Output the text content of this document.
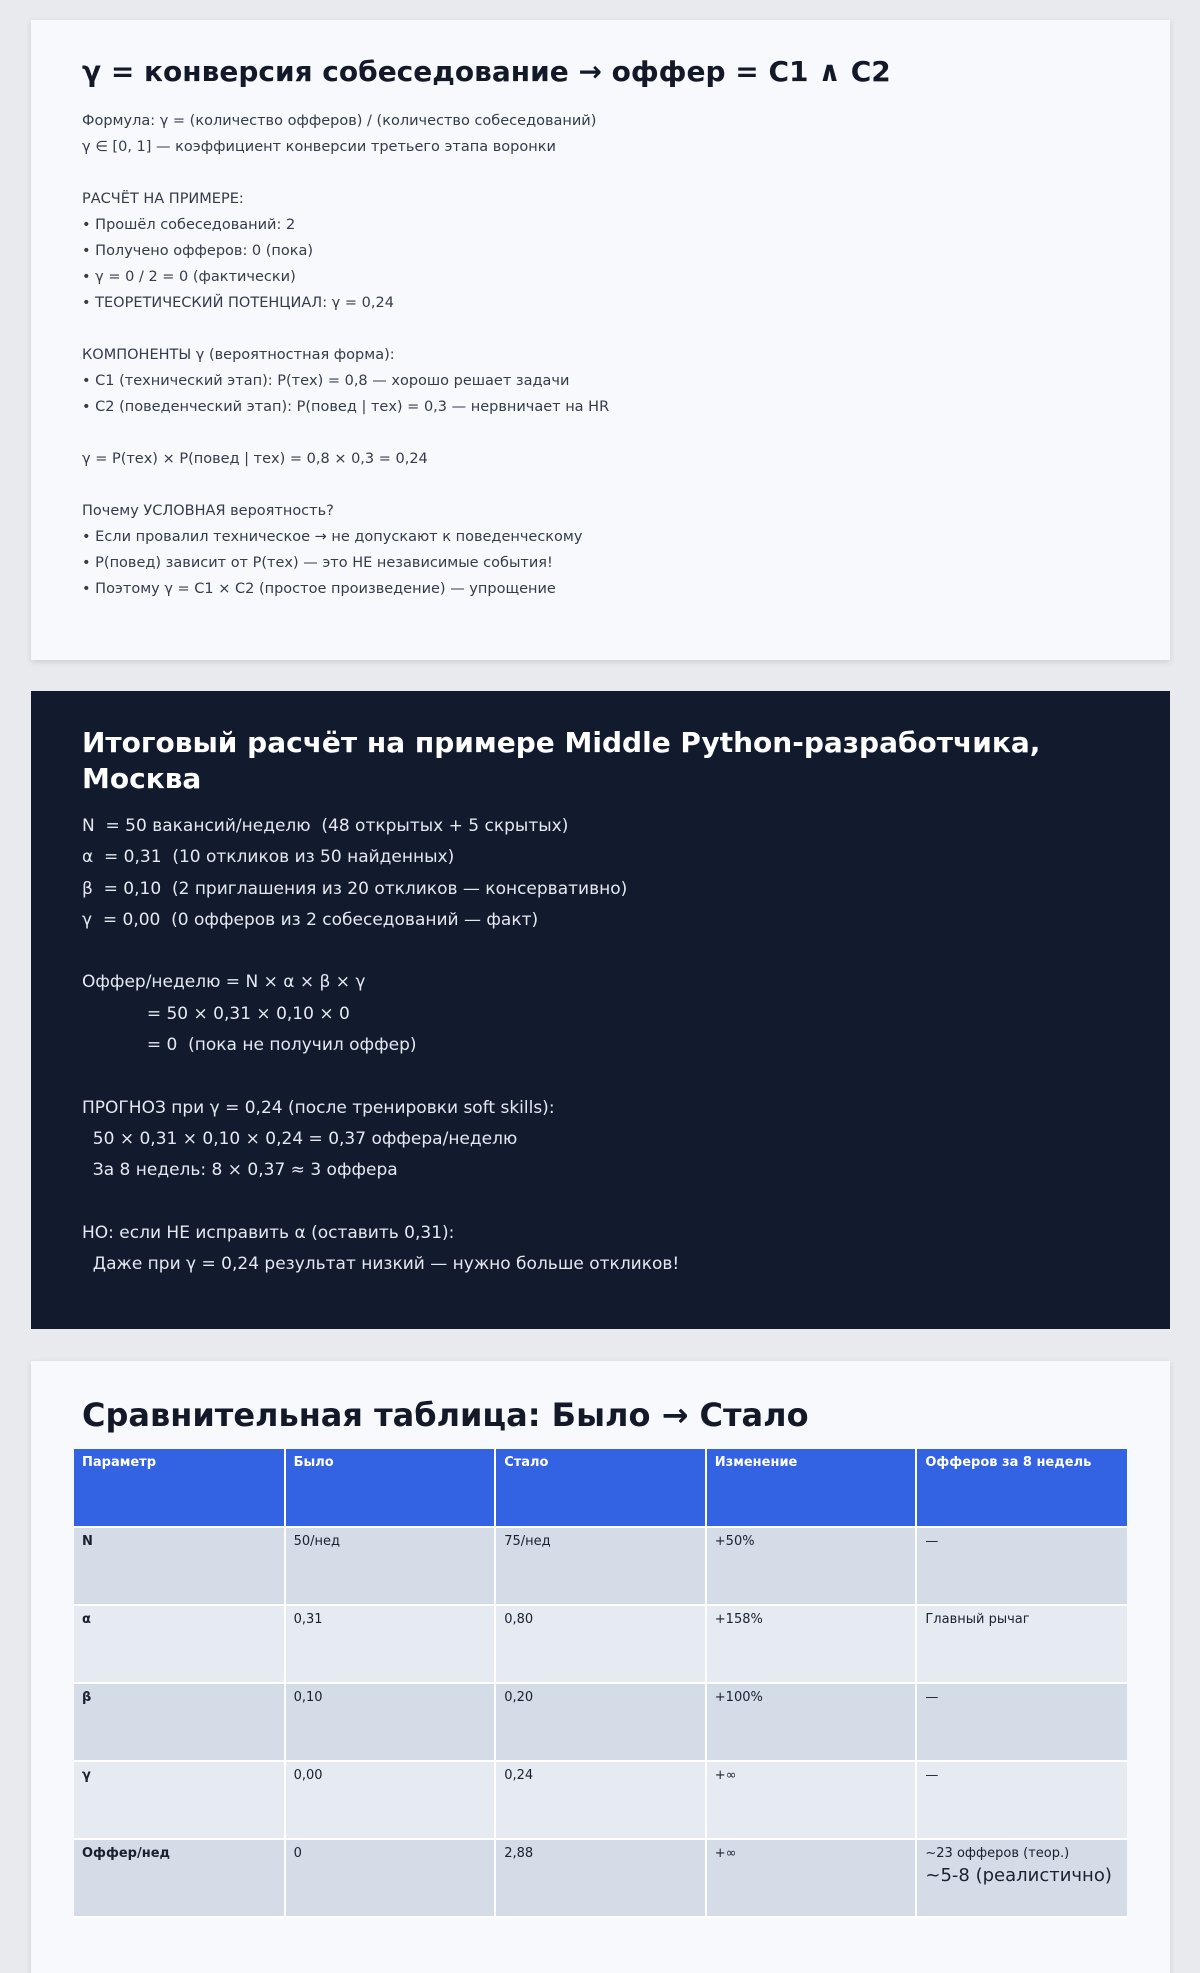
γ = конверсия собеседование → оффер = C1 ∧ C2
Формула: γ = (количество офферов) / (количество собеседований)
γ ∈ [0, 1] — коэффициент конверсии третьего этапа воронки
РАСЧЁТ НА ПРИМЕРЕ:
• Прошёл собеседований: 2
• Получено офферов: 0 (пока)
• γ = 0 / 2 = 0 (фактически)
• ТЕОРЕТИЧЕСКИЙ ПОТЕНЦИАЛ: γ = 0,24
КОМПОНЕНТЫ γ (вероятностная форма):
• C1 (технический этап): P(тех) = 0,8 — хорошо решает задачи
• C2 (поведенческий этап): P(повед | тех) = 0,3 — нервничает на HR
γ = P(тех) × P(повед | тех) = 0,8 × 0,3 = 0,24
Почему УСЛОВНАЯ вероятность?
• Если провалил техническое → не допускают к поведенческому
• P(повед) зависит от P(тех) — это НЕ независимые события!
• Поэтому γ = C1 × C2 (простое произведение) — упрощение
Итоговый расчёт на примере Middle Python-разработчика, Москва
N  = 50 вакансий/неделю  (48 открытых + 5 скрытых)
α  = 0,31  (10 откликов из 50 найденных)
β  = 0,10  (2 приглашения из 20 откликов — консервативно)
γ  = 0,00  (0 офферов из 2 собеседований — факт)
Оффер/неделю = N × α × β × γ
= 50 × 0,31 × 0,10 × 0
= 0  (пока не получил оффер)
ПРОГНОЗ при γ = 0,24 (после тренировки soft skills):
50 × 0,31 × 0,10 × 0,24 = 0,37 оффера/неделю
За 8 недель: 8 × 0,37 ≈ 3 оффера
НО: если НЕ исправить α (оставить 0,31):
Даже при γ = 0,24 результат низкий — нужно больше откликов!
Сравнительная таблица: Было → Стало
Параметр	Было	Стало	Изменение	Офферов за 8 недель
N	50/нед	75/нед	+50%	—
α	0,31	0,80	+158%	Главный рычаг
β	0,10	0,20	+100%	—
γ	0,00	0,24	+∞	—
Оффер/нед	0	2,88	+∞	~23 офферов (теор.)
~5-8 (реалистично)
